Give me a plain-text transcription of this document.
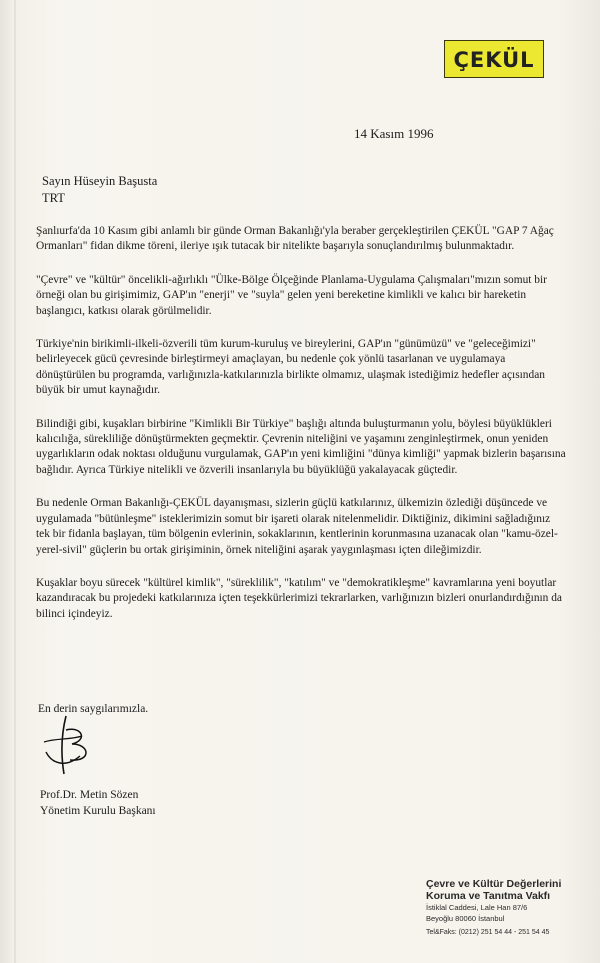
ÇEKÜL
14 Kasım 1996
Sayın Hüseyin Başusta
TRT

Şanlıurfa'da 10 Kasım gibi anlamlı bir günde Orman Bakanlığı'yla beraber gerçekleştirilen ÇEKÜL "GAP 7 Ağaç Ormanları" fidan dikme töreni, ileriye ışık tutacak bir nitelikte başarıyla sonuçlandırılmış bulunmaktadır.

"Çevre" ve "kültür" öncelikli-ağırlıklı "Ülke-Bölge Ölçeğinde Planlama-Uygulama Çalışmaları"mızın somut bir örneği olan bu girişimimiz, GAP'ın "enerji" ve "suyla" gelen yeni bereketine kimlikli ve kalıcı bir hareketin başlangıcı, katkısı olarak görülmelidir.

Türkiye'nin birikimli-ilkeli-özverili tüm kurum-kuruluş ve bireylerini, GAP'ın "günümüzü" ve "geleceğimizi" belirleyecek gücü çevresinde birleştirmeyi amaçlayan, bu nedenle çok yönlü tasarlanan ve uygulamaya dönüştürülen bu programda, varlığınızla-katkılarınızla birlikte olmamız, ulaşmak istediğimiz hedefler açısından büyük bir umut kaynağıdır.

Bilindiği gibi, kuşakları birbirine "Kimlikli Bir Türkiye" başlığı altında buluşturmanın yolu, böylesi büyüklükleri kalıcılığa, sürekliliğe dönüştürmekten geçmektir. Çevrenin niteliğini ve yaşamını zenginleştirmek, onun yeniden uygarlıkların odak noktası olduğunu vurgulamak, GAP'ın yeni kimliğini "dünya kimliği" yapmak bizlerin başarısına bağlıdır. Ayrıca Türkiye nitelikli ve özverili insanlarıyla bu büyüklüğü yakalayacak güçtedir.

Bu nedenle Orman Bakanlığı-ÇEKÜL dayanışması, sizlerin güçlü katkılarınız, ülkemizin özlediği düşüncede ve uygulamada "bütünleşme" isteklerimizin somut bir işareti olarak nitelenmelidir. Diktiğiniz, dikimini sağladığınız tek bir fidanla başlayan, tüm bölgenin evlerinin, sokaklarının, kentlerinin korunmasına uzanacak olan "kamu-özel-yerel-sivil" güçlerin bu ortak girişiminin, örnek niteliğini aşarak yaygınlaşması içten dileğimizdir.

Kuşaklar boyu sürecek "kültürel kimlik", "süreklilik", "katılım" ve "demokratikleşme" kavramlarına yeni boyutlar kazandıracak bu projedeki katkılarınıza içten teşekkürlerimizi tekrarlarken, varlığınızın bizleri onurlandırdığının da bilinci içindeyiz.

En derin saygılarımızla.
Prof.Dr. Metin Sözen
Yönetim Kurulu Başkanı
Çevre ve Kültür Değerlerini
Koruma ve Tanıtma Vakfı
İstiklal Caddesi, Lale Han 87/6
Beyoğlu 80060 İstanbul
Tel&Faks: (0212) 251 54 44 - 251 54 45
